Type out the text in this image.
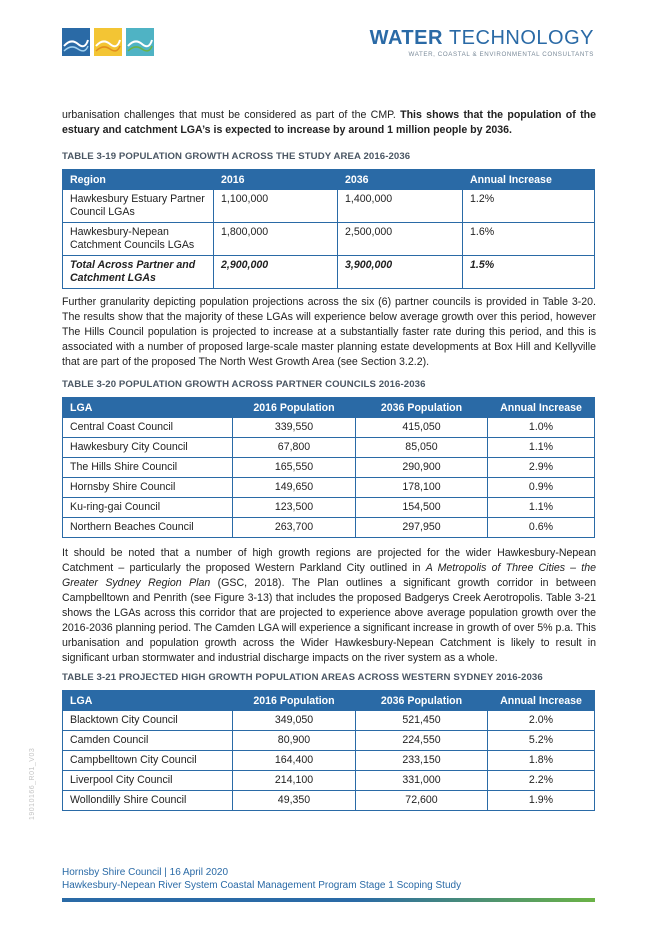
WATER TECHNOLOGY
WATER, COASTAL & ENVIRONMENTAL CONSULTANTS
urbanisation challenges that must be considered as part of the CMP. This shows that the population of the estuary and catchment LGA’s is expected to increase by around 1 million people by 2036.
TABLE 3-19 POPULATION GROWTH ACROSS THE STUDY AREA 2016-2036
Region	2016	2036	Annual Increase
Hawkesbury Estuary Partner Council LGAs	1,100,000	1,400,000	1.2%
Hawkesbury-Nepean Catchment Councils LGAs	1,800,000	2,500,000	1.6%
Total Across Partner and Catchment LGAs	2,900,000	3,900,000	1.5%
Further granularity depicting population projections across the six (6) partner councils is provided in Table 3-20. The results show that the majority of these LGAs will experience below average growth over this period, however The Hills Council population is projected to increase at a substantially faster rate during this period, and this is associated with a number of proposed large-scale master planning estate developments at Box Hill and Kellyville that are part of the proposed The North West Growth Area (see Section 3.2.2).
TABLE 3-20 POPULATION GROWTH ACROSS PARTNER COUNCILS 2016-2036
LGA	2016 Population	2036 Population	Annual Increase
Central Coast Council	339,550	415,050	1.0%
Hawkesbury City Council	67,800	85,050	1.1%
The Hills Shire Council	165,550	290,900	2.9%
Hornsby Shire Council	149,650	178,100	0.9%
Ku-ring-gai Council	123,500	154,500	1.1%
Northern Beaches Council	263,700	297,950	0.6%
It should be noted that a number of high growth regions are projected for the wider Hawkesbury-Nepean Catchment – particularly the proposed Western Parkland City outlined in A Metropolis of Three Cities – the Greater Sydney Region Plan (GSC, 2018). The Plan outlines a significant growth corridor in between Campbelltown and Penrith (see Figure 3-13) that includes the proposed Badgerys Creek Aerotropolis. Table 3-21 shows the LGAs across this corridor that are projected to experience above average population growth over the 2016-2036 planning period. The Camden LGA will experience a significant increase in growth of over 5% p.a. This urbanisation and population growth across the Wider Hawkesbury-Nepean Catchment is likely to result in significant urban stormwater and industrial discharge impacts on the river system as a whole.
TABLE 3-21 PROJECTED HIGH GROWTH POPULATION AREAS ACROSS WESTERN SYDNEY 2016-2036
LGA	2016 Population	2036 Population	Annual Increase
Blacktown City Council	349,050	521,450	2.0%
Camden Council	80,900	224,550	5.2%
Campbelltown City Council	164,400	233,150	1.8%
Liverpool City Council	214,100	331,000	2.2%
Wollondilly Shire Council	49,350	72,600	1.9%
19010166_R01_V03
Hornsby Shire Council | 16 April 2020
Hawkesbury-Nepean River System Coastal Management Program Stage 1 Scoping Study
